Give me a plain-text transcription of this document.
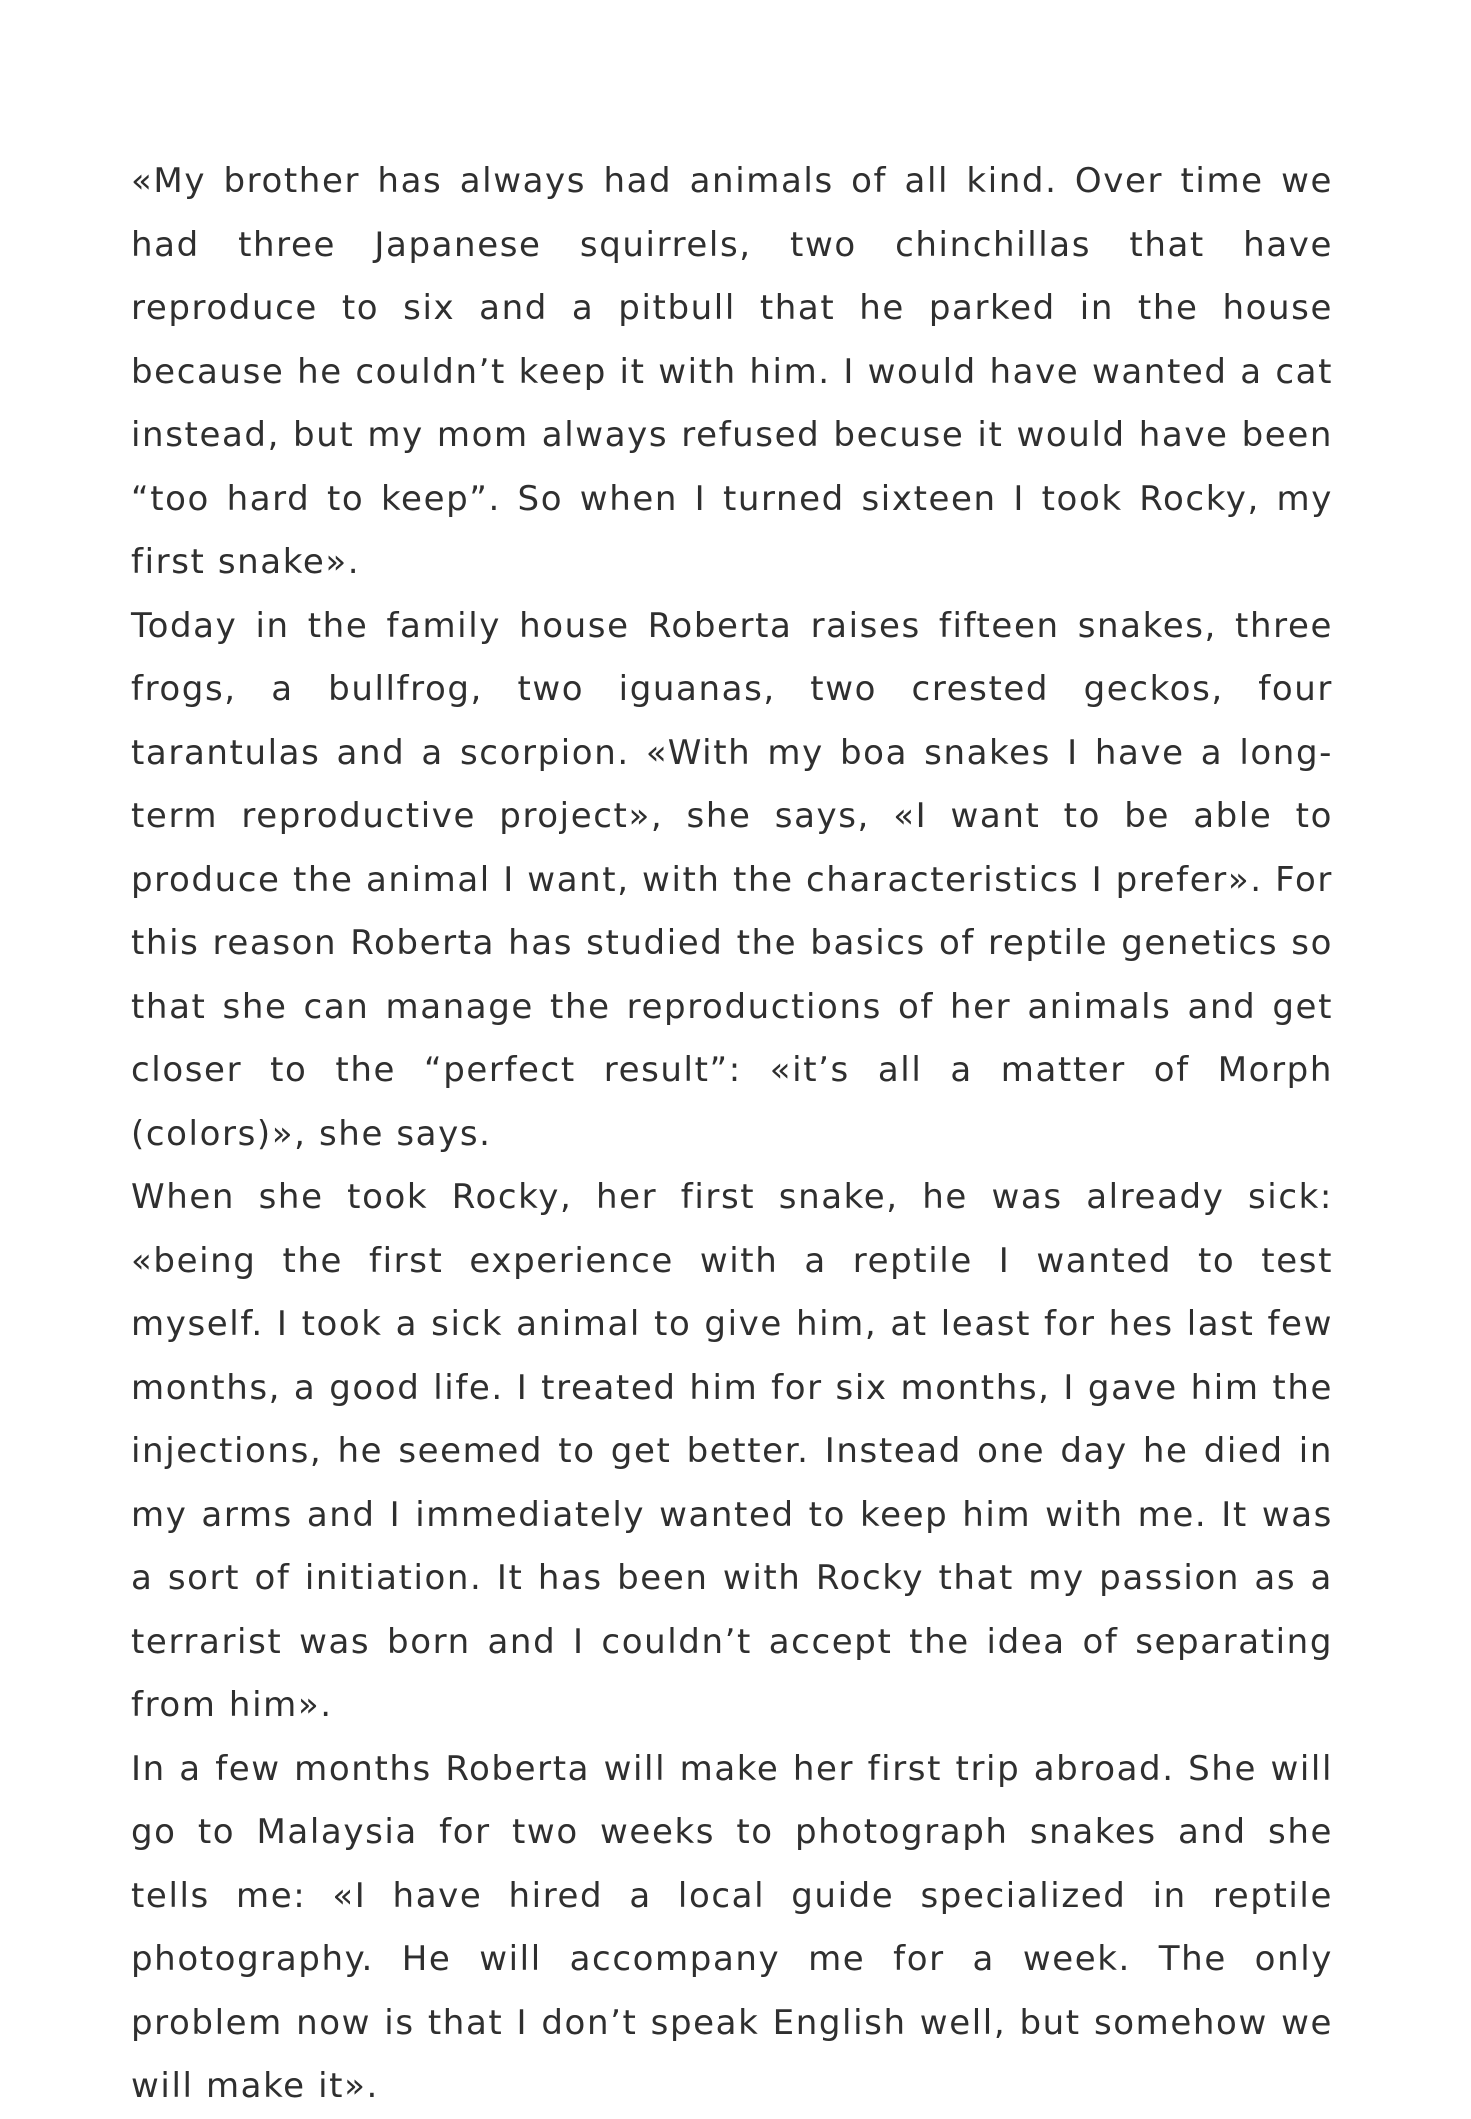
«My brother has always had animals of all kind. Over time we had three Japanese squirrels, two chinchillas that have reproduce to six and a pitbull that he parked in the house because he couldn’t keep it with him. I would have wanted a cat instead, but my mom always refused becuse it would have been “too hard to keep”. So when I turned sixteen I took Rocky, my first snake».

Today in the family house Roberta raises fifteen snakes, three frogs, a bullfrog, two iguanas, two crested geckos, four tarantulas and a scorpion. «With my boa snakes I have a long-term reproductive project», she says, «I want to be able to produce the animal I want, with the characteristics I prefer». For this reason Roberta has studied the basics of reptile genetics so that she can manage the reproductions of her animals and get closer to the “perfect result”: «it’s all a matter of Morph (colors)», she says.

When she took Rocky, her first snake, he was already sick: «being the first experience with a reptile I wanted to test myself. I took a sick animal to give him, at least for hes last few months, a good life. I treated him for six months, I gave him the injections, he seemed to get better. Instead one day he died in my arms and I immediately wanted to keep him with me. It was a sort of initiation. It has been with Rocky that my passion as a terrarist was born and I couldn’t accept the idea of separating from him».

In a few months Roberta will make her first trip abroad. She will go to Malaysia for two weeks to photograph snakes and she tells me: «I have hired a local guide specialized in reptile photography. He will accompany me for a week. The only problem now is that I don’t speak English well, but somehow we will make it».
